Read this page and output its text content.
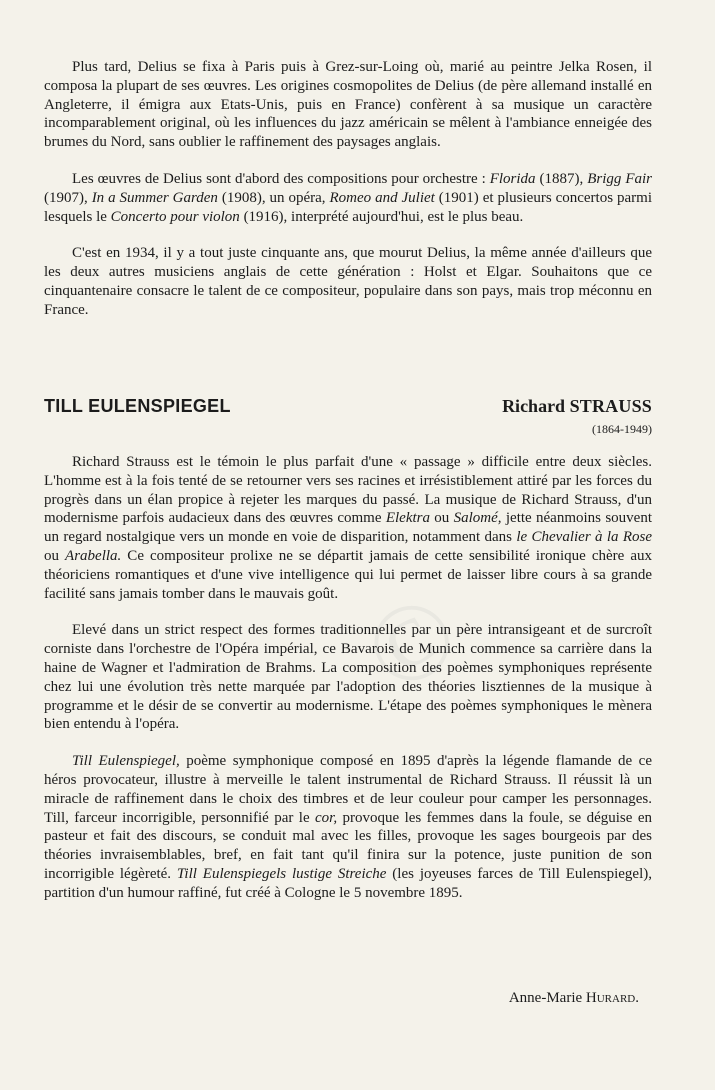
©

Plus tard, Delius se fixa à Paris puis à Grez-sur-Loing où, marié au peintre Jelka Rosen, il composa la plupart de ses œuvres. Les origines cosmopolites de Delius (de père allemand installé en Angleterre, il émigra aux Etats-Unis, puis en France) confèrent à sa musique un caractère incomparablement original, où les influences du jazz américain se mêlent à l'ambiance enneigée des brumes du Nord, sans oublier le raffinement des paysages anglais.

Les œuvres de Delius sont d'abord des compositions pour orchestre : Florida (1887), Brigg Fair (1907), In a Summer Garden (1908), un opéra, Romeo and Juliet (1901) et plusieurs concertos parmi lesquels le Concerto pour violon (1916), interprété aujourd'hui, est le plus beau.

C'est en 1934, il y a tout juste cinquante ans, que mourut Delius, la même année d'ailleurs que les deux autres musiciens anglais de cette génération : Holst et Elgar. Souhaitons que ce cinquantenaire consacre le talent de ce compositeur, populaire dans son pays, mais trop méconnu en France.

TILL EULENSPIEGEL	Richard STRAUSS
(1864-1949)

Richard Strauss est le témoin le plus parfait d'une « passage » difficile entre deux siècles. L'homme est à la fois tenté de se retourner vers ses racines et irrésistiblement attiré par les forces du progrès dans un élan propice à rejeter les marques du passé. La musique de Richard Strauss, d'un modernisme parfois audacieux dans des œuvres comme Elektra ou Salomé, jette néanmoins souvent un regard nostalgique vers un monde en voie de disparition, notamment dans le Chevalier à la Rose ou Arabella. Ce compositeur prolixe ne se départit jamais de cette sensibilité ironique chère aux théoriciens romantiques et d'une vive intelligence qui lui permet de laisser libre cours à sa grande facilité sans jamais tomber dans le mauvais goût.

Elevé dans un strict respect des formes traditionnelles par un père intransigeant et de surcroît corniste dans l'orchestre de l'Opéra impérial, ce Bavarois de Munich commence sa carrière dans la haine de Wagner et l'admiration de Brahms. La composition des poèmes symphoniques représente chez lui une évolution très nette marquée par l'adoption des théories lisztiennes de la musique à programme et le désir de se convertir au modernisme. L'étape des poèmes symphoniques le mènera bien entendu à l'opéra.

Till Eulenspiegel, poème symphonique composé en 1895 d'après la légende flamande de ce héros provocateur, illustre à merveille le talent instrumental de Richard Strauss. Il réussit là un miracle de raffinement dans le choix des timbres et de leur couleur pour camper les personnages. Till, farceur incorrigible, personnifié par le cor, provoque les femmes dans la foule, se déguise en pasteur et fait des discours, se conduit mal avec les filles, provoque les sages bourgeois par des théories invraisemblables, bref, en fait tant qu'il finira sur la potence, juste punition de son incorrigible légèreté. Till Eulenspiegels lustige Streiche (les joyeuses farces de Till Eulenspiegel), partition d'un humour raffiné, fut créé à Cologne le 5 novembre 1895.

Anne-Marie Hurard.
